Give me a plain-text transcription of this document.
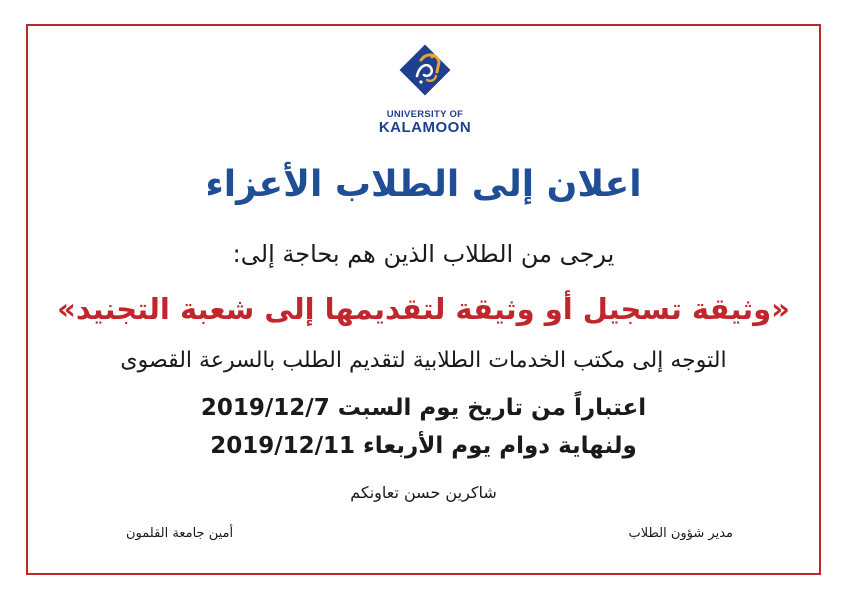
UNIVERSITY OF
KALAMOON
اعلان إلى الطلاب الأعزاء
يرجى من الطلاب الذين هم بحاجة إلى:
«وثيقة تسجيل أو وثيقة لتقديمها إلى شعبة التجنيد»
التوجه إلى مكتب الخدمات الطلابية لتقديم الطلب بالسرعة القصوى
اعتباراً من تاريخ يوم السبت 2019/12/7
ولنهاية دوام يوم الأربعاء 2019/12/11
شاكرين حسن تعاونكم
مدير شؤون الطلاب
أمين جامعة القلمون
